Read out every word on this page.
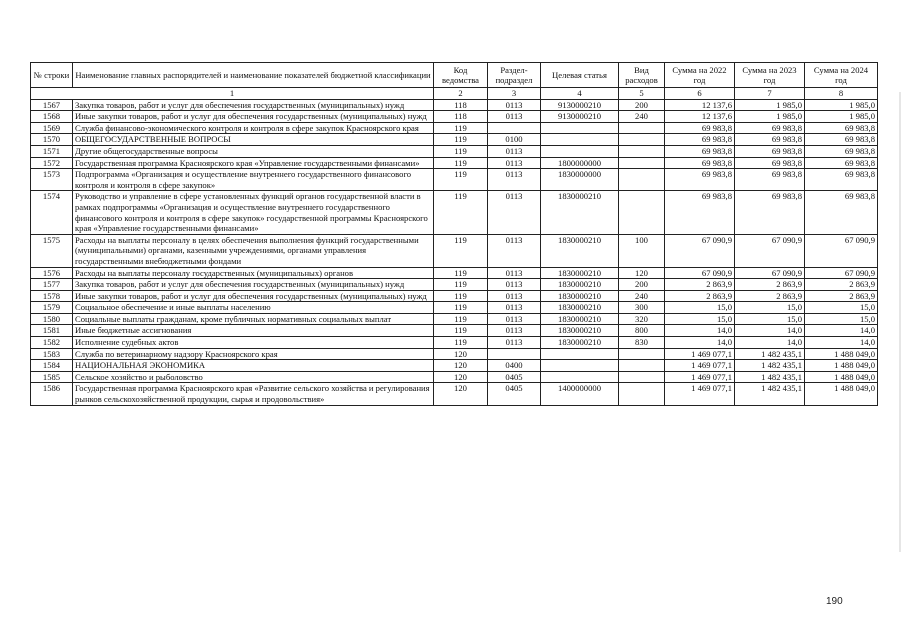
№ строки	Наименование главных распорядителей и наименование показателей бюджетной классификации	Код ведомства	Раздел-подраздел	Целевая статья	Вид расходов	Сумма на 2022 год	Сумма на 2023 год	Сумма на 2024 год
1		2	3	4	5	6	7	8
1567	Закупка товаров, работ и услуг для обеспечения государственных (муниципальных) нужд	118	0113	9130000210	200	12 137,6	1 985,0	1 985,0
1568	Иные закупки товаров, работ и услуг для обеспечения государственных (муниципальных) нужд	118	0113	9130000210	240	12 137,6	1 985,0	1 985,0
1569	Служба финансово-экономического контроля и контроля в сфере закупок Красноярского края	119				69 983,8	69 983,8	69 983,8
1570	ОБЩЕГОСУДАРСТВЕННЫЕ ВОПРОСЫ	119	0100			69 983,8	69 983,8	69 983,8
1571	Другие общегосударственные вопросы	119	0113			69 983,8	69 983,8	69 983,8
1572	Государственная программа Красноярского края «Управление государственными финансами»	119	0113	1800000000		69 983,8	69 983,8	69 983,8
1573	Подпрограмма «Организация и осуществление внутреннего государственного финансового контроля и контроля в сфере закупок»	119	0113	1830000000		69 983,8	69 983,8	69 983,8
1574	Руководство и управление в сфере установленных функций органов государственной власти в рамках подпрограммы «Организация и осуществление внутреннего государственного финансового контроля и контроля в сфере закупок» государственной программы Красноярского края «Управление государственными финансами»	119	0113	1830000210		69 983,8	69 983,8	69 983,8
1575	Расходы на выплаты персоналу в целях обеспечения выполнения функций государственными (муниципальными) органами, казенными учреждениями, органами управления государственными внебюджетными фондами	119	0113	1830000210	100	67 090,9	67 090,9	67 090,9
1576	Расходы на выплаты персоналу государственных (муниципальных) органов	119	0113	1830000210	120	67 090,9	67 090,9	67 090,9
1577	Закупка товаров, работ и услуг для обеспечения государственных (муниципальных) нужд	119	0113	1830000210	200	2 863,9	2 863,9	2 863,9
1578	Иные закупки товаров, работ и услуг для обеспечения государственных (муниципальных) нужд	119	0113	1830000210	240	2 863,9	2 863,9	2 863,9
1579	Социальное обеспечение и иные выплаты населению	119	0113	1830000210	300	15,0	15,0	15,0
1580	Социальные выплаты гражданам, кроме публичных нормативных социальных выплат	119	0113	1830000210	320	15,0	15,0	15,0
1581	Иные бюджетные ассигнования	119	0113	1830000210	800	14,0	14,0	14,0
1582	Исполнение судебных актов	119	0113	1830000210	830	14,0	14,0	14,0
1583	Служба по ветеринарному надзору Красноярского края	120				1 469 077,1	1 482 435,1	1 488 049,0
1584	НАЦИОНАЛЬНАЯ ЭКОНОМИКА	120	0400			1 469 077,1	1 482 435,1	1 488 049,0
1585	Сельское хозяйство и рыболовство	120	0405			1 469 077,1	1 482 435,1	1 488 049,0
1586	Государственная программа Красноярского края «Развитие сельского хозяйства и регулирования рынков сельскохозяйственной продукции, сырья и продовольствия»	120	0405	1400000000		1 469 077,1	1 482 435,1	1 488 049,0
190
